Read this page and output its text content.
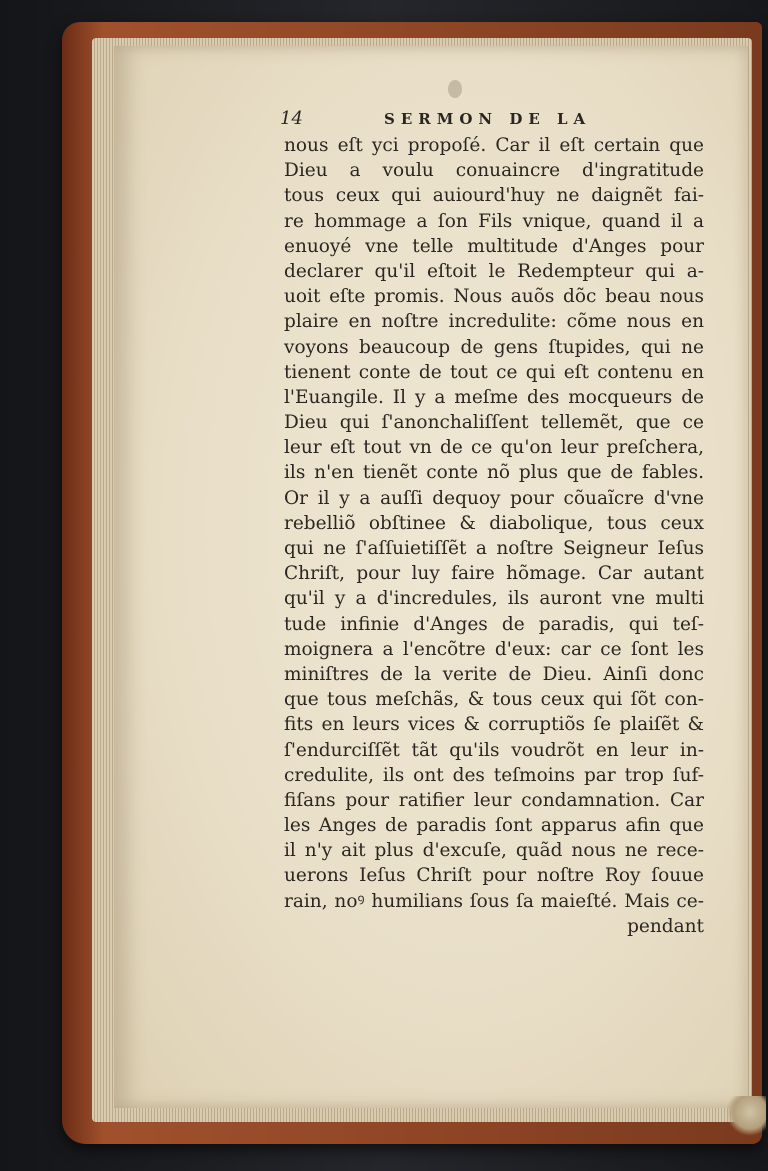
14	SERMON DE LA
nous eſt yci propoſé. Car il eſt certain que
Dieu a voulu conuaincre d'ingratitude
tous ceux qui auiourd'huy ne daignẽt fai-
re hommage a ſon Fils vnique, quand il a
enuoyé vne telle multitude d'Anges pour
declarer qu'il eſtoit le Redempteur qui a-
uoit eſte promis. Nous auõs dõc beau nous
plaire en noſtre incredulite: cõme nous en
voyons beaucoup de gens ſtupides, qui ne
tienent conte de tout ce qui eſt contenu en
l'Euangile. Il y a meſme des mocqueurs de
Dieu qui ſ'anonchaliſſent tellemẽt, que ce
leur eſt tout vn de ce qu'on leur preſchera,
ils n'en tienẽt conte nõ plus que de fables.
Or il y a auſſi dequoy pour cõuaĩcre d'vne
rebelliõ obſtinee & diabolique, tous ceux
qui ne ſ'aſſuietiſſẽt a noſtre Seigneur Ieſus
Chriſt, pour luy faire hõmage. Car autant
qu'il y a d'incredules, ils auront vne multi
tude infinie d'Anges de paradis, qui teſ-
moignera a l'encõtre d'eux: car ce ſont les
miniſtres de la verite de Dieu. Ainſi donc
que tous meſchãs, & tous ceux qui ſõt con-
fits en leurs vices & corruptiõs ſe plaiſẽt &
ſ'endurciſſẽt tãt qu'ils voudrõt en leur in-
credulite, ils ont des teſmoins par trop ſuf-
fiſans pour ratifier leur condamnation. Car
les Anges de paradis ſont apparus afin que
il n'y ait plus d'excuſe, quãd nous ne rece-
uerons Ieſus Chriſt pour noſtre Roy ſouue
rain, noꝰ humilians ſous ſa maieſté. Mais ce-
pendant
